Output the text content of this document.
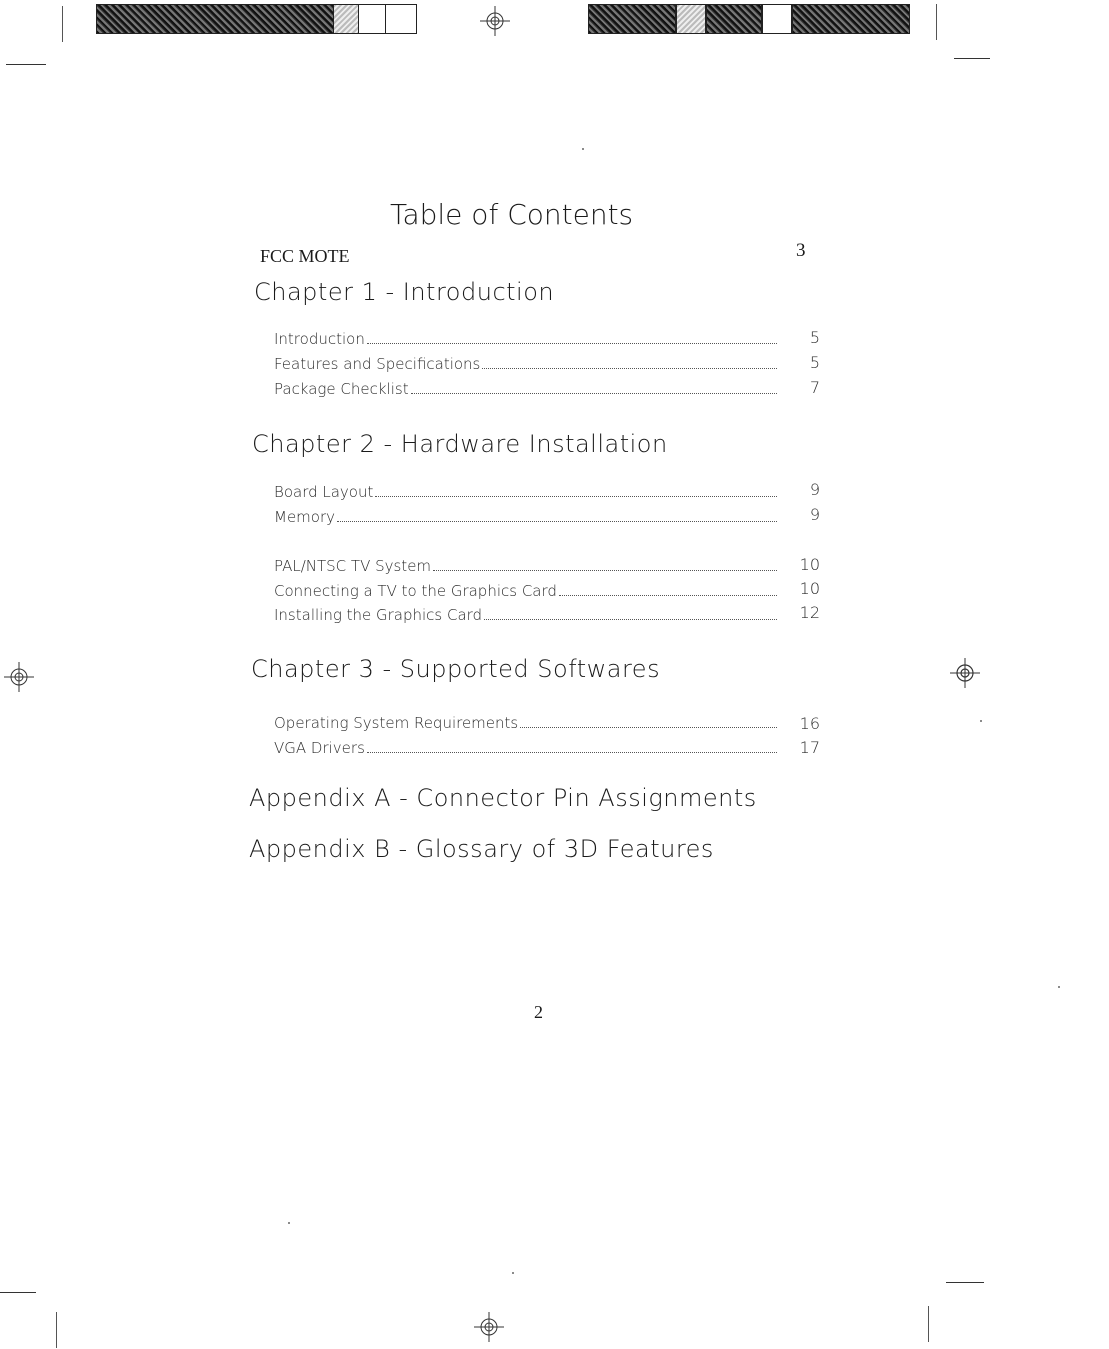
Table of Contents
FCC MOTE	3
Chapter 1 - Introduction
Introduction	5
Features and Specifications	5
Package Checklist	7
Chapter 2 - Hardware Installation
Board Layout	9
Memory	9
PAL/NTSC TV System	10
Connecting a TV to the Graphics Card	10
Installing the Graphics Card	12
Chapter 3 - Supported Softwares
Operating System Requirements	16
VGA Drivers	17
Appendix A - Connector Pin Assignments
Appendix B - Glossary of 3D Features
2
